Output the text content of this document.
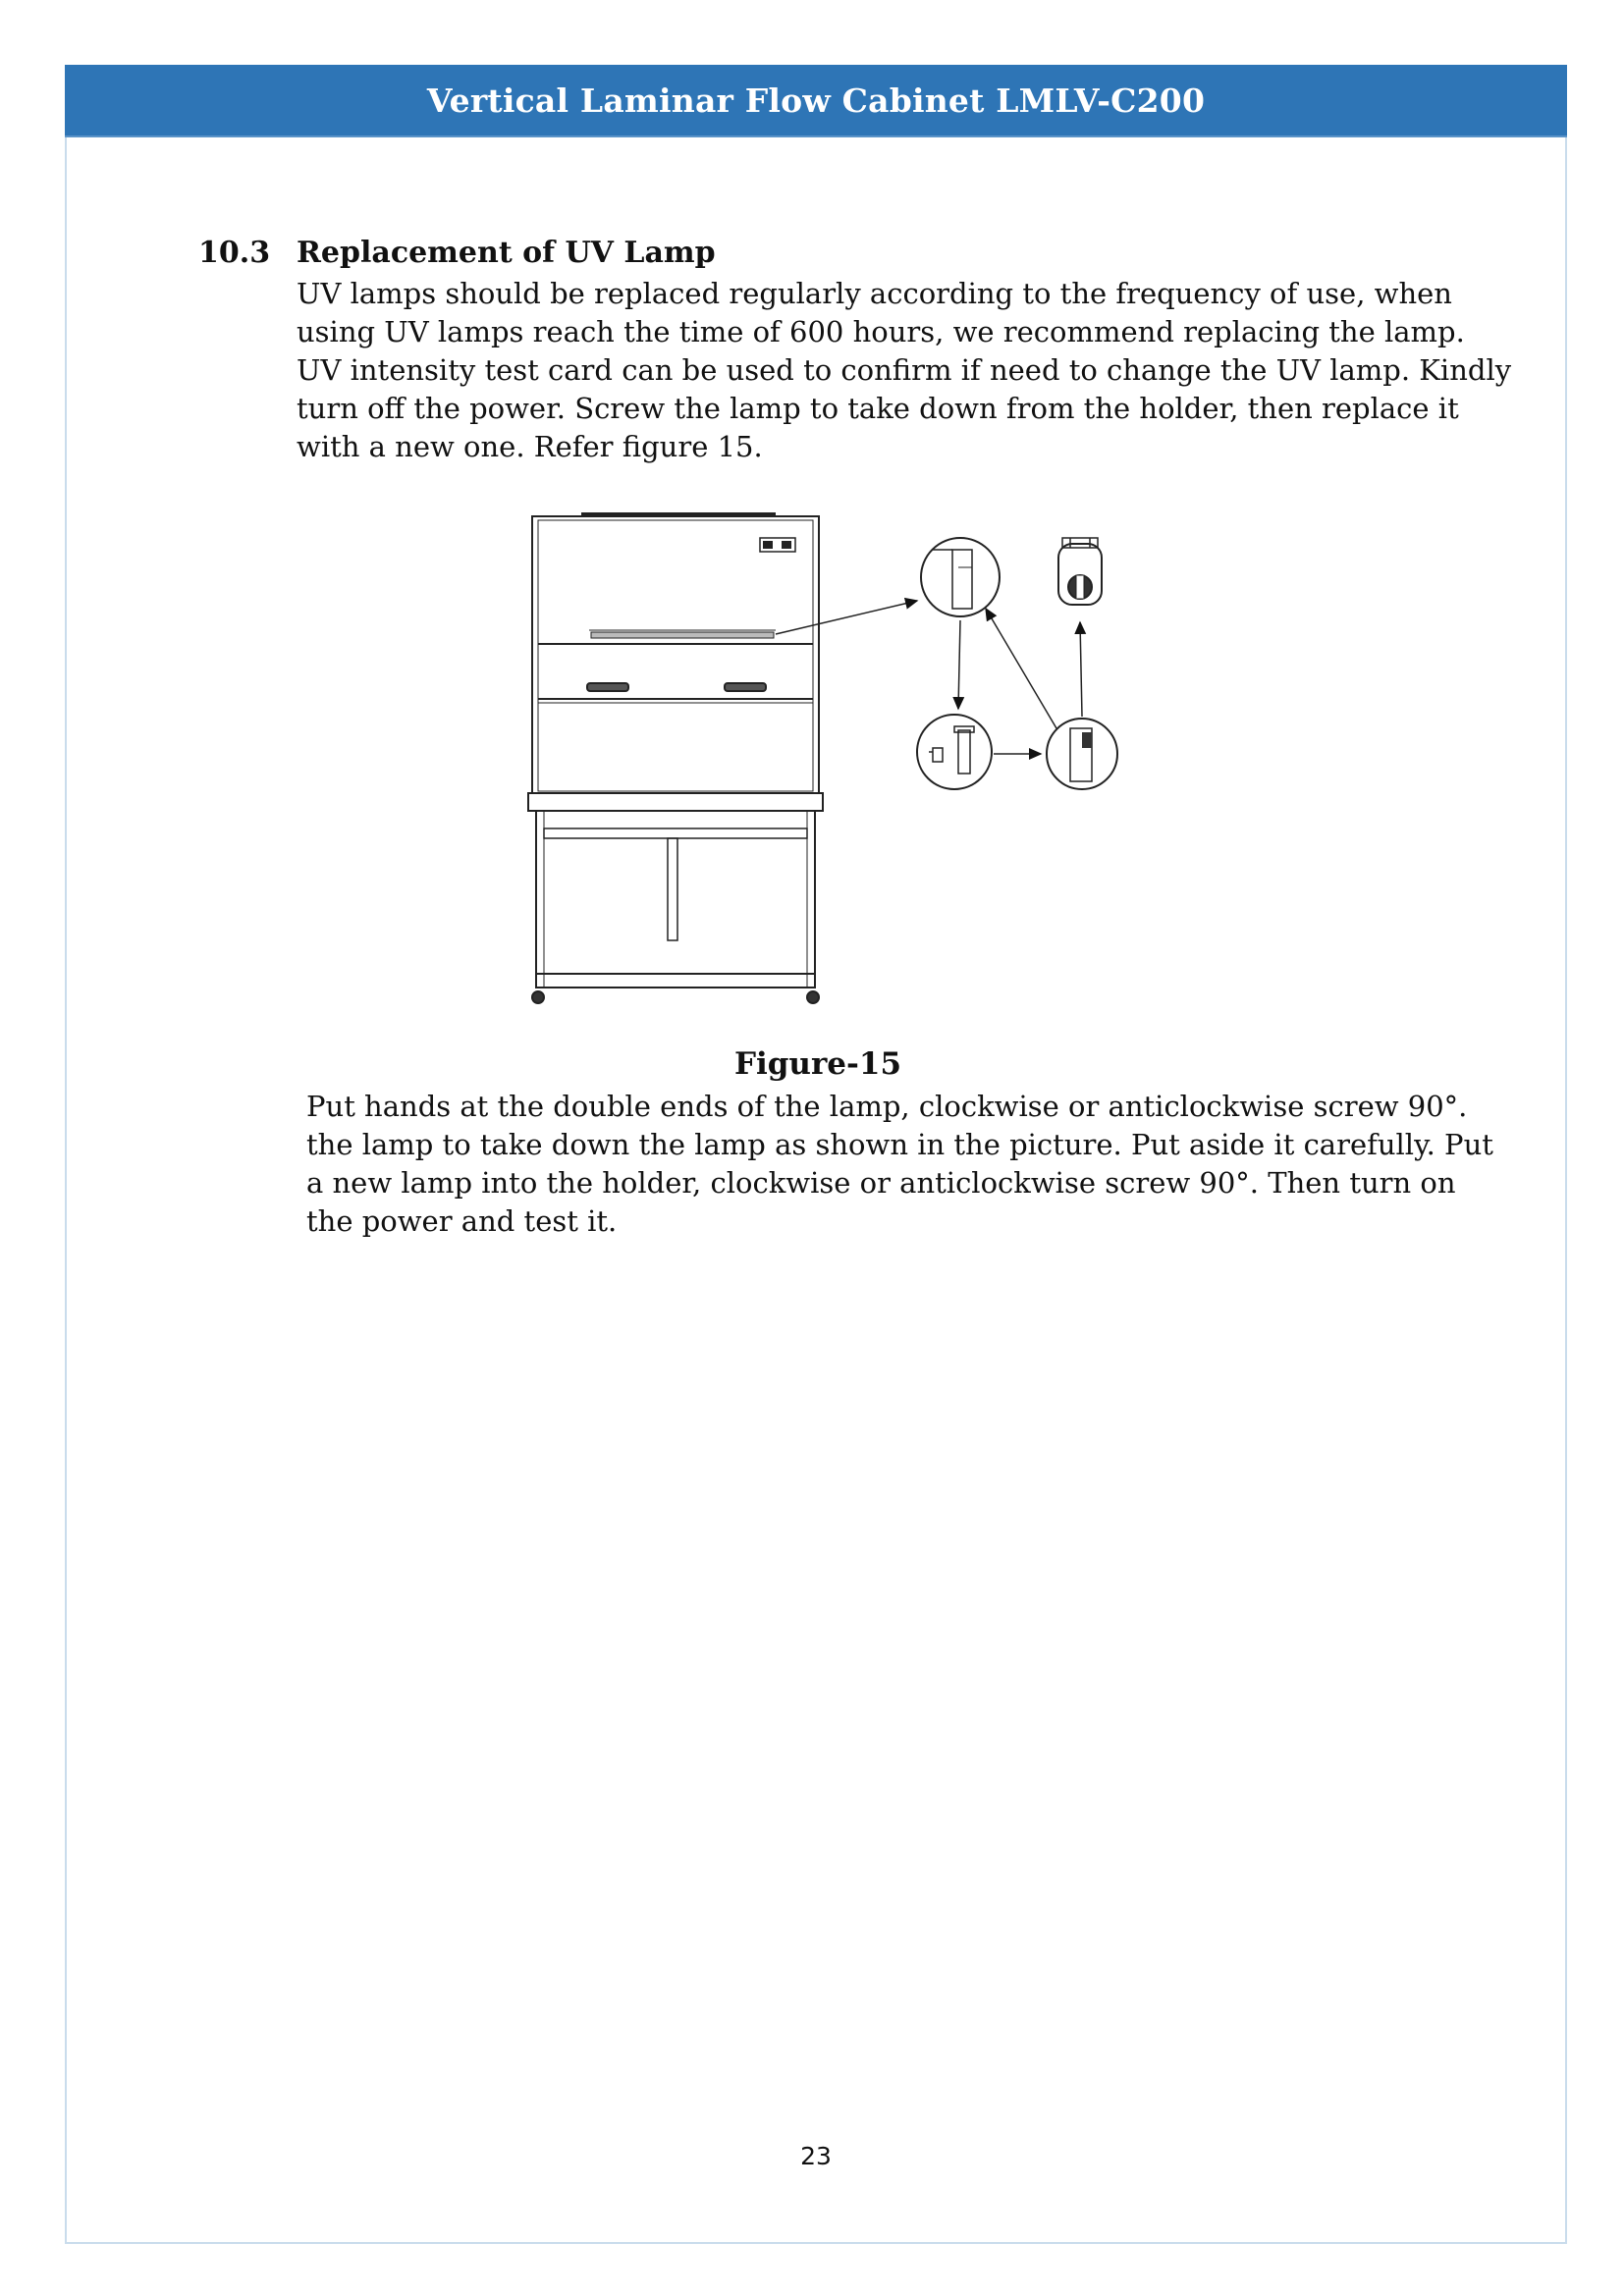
Vertical Laminar Flow Cabinet LMLV-C200
10.3 Replacement of UV Lamp

UV lamps should be replaced regularly according to the frequency of use, when
using UV lamps reach the time of 600 hours, we recommend replacing the lamp.
UV intensity test card can be used to confirm if need to change the UV lamp. Kindly
turn off the power. Screw the lamp to take down from the holder, then replace it
with a new one. Refer figure 15.

Figure-15

Put hands at the double ends of the lamp, clockwise or anticlockwise screw 90°.
the lamp to take down the lamp as shown in the picture. Put aside it carefully. Put
a new lamp into the holder, clockwise or anticlockwise screw 90°. Then turn on
the power and test it.

23
